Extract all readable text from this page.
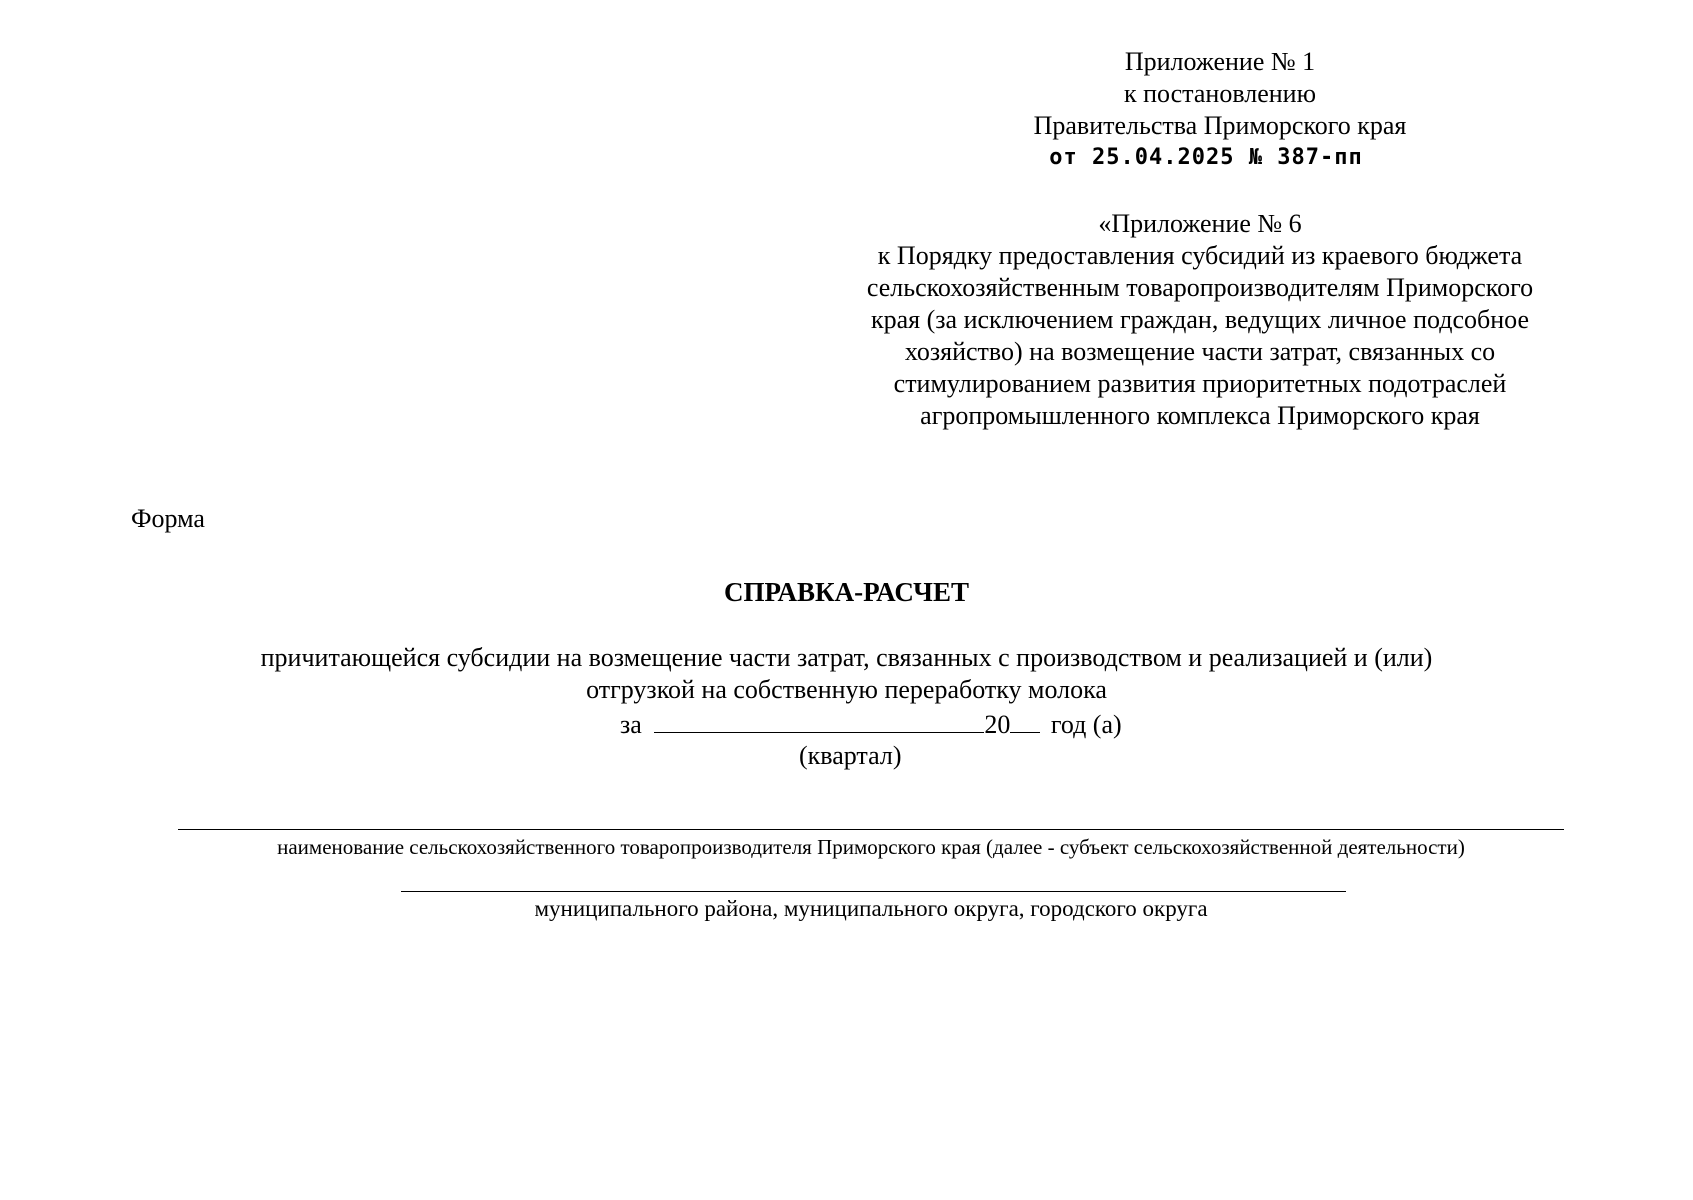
Приложение № 1
к постановлению
Правительства Приморского края
от 25.04.2025 № 387-пп
«Приложение № 6
к Порядку предоставления субсидий из краевого бюджета
сельскохозяйственным товаропроизводителям Приморского
края (за исключением граждан, ведущих личное подсобное
хозяйство) на возмещение части затрат, связанных со
стимулированием развития приоритетных подотраслей
агропромышленного комплекса Приморского края
Форма
СПРАВКА-РАСЧЕТ
причитающейся субсидии на возмещение части затрат, связанных с производством и реализацией и (или)
отгрузкой на собственную переработку молока
за	20 год (а)
(квартал)
наименование сельскохозяйственного товаропроизводителя Приморского края (далее - субъект сельскохозяйственной деятельности)
муниципального района, муниципального округа, городского округа
